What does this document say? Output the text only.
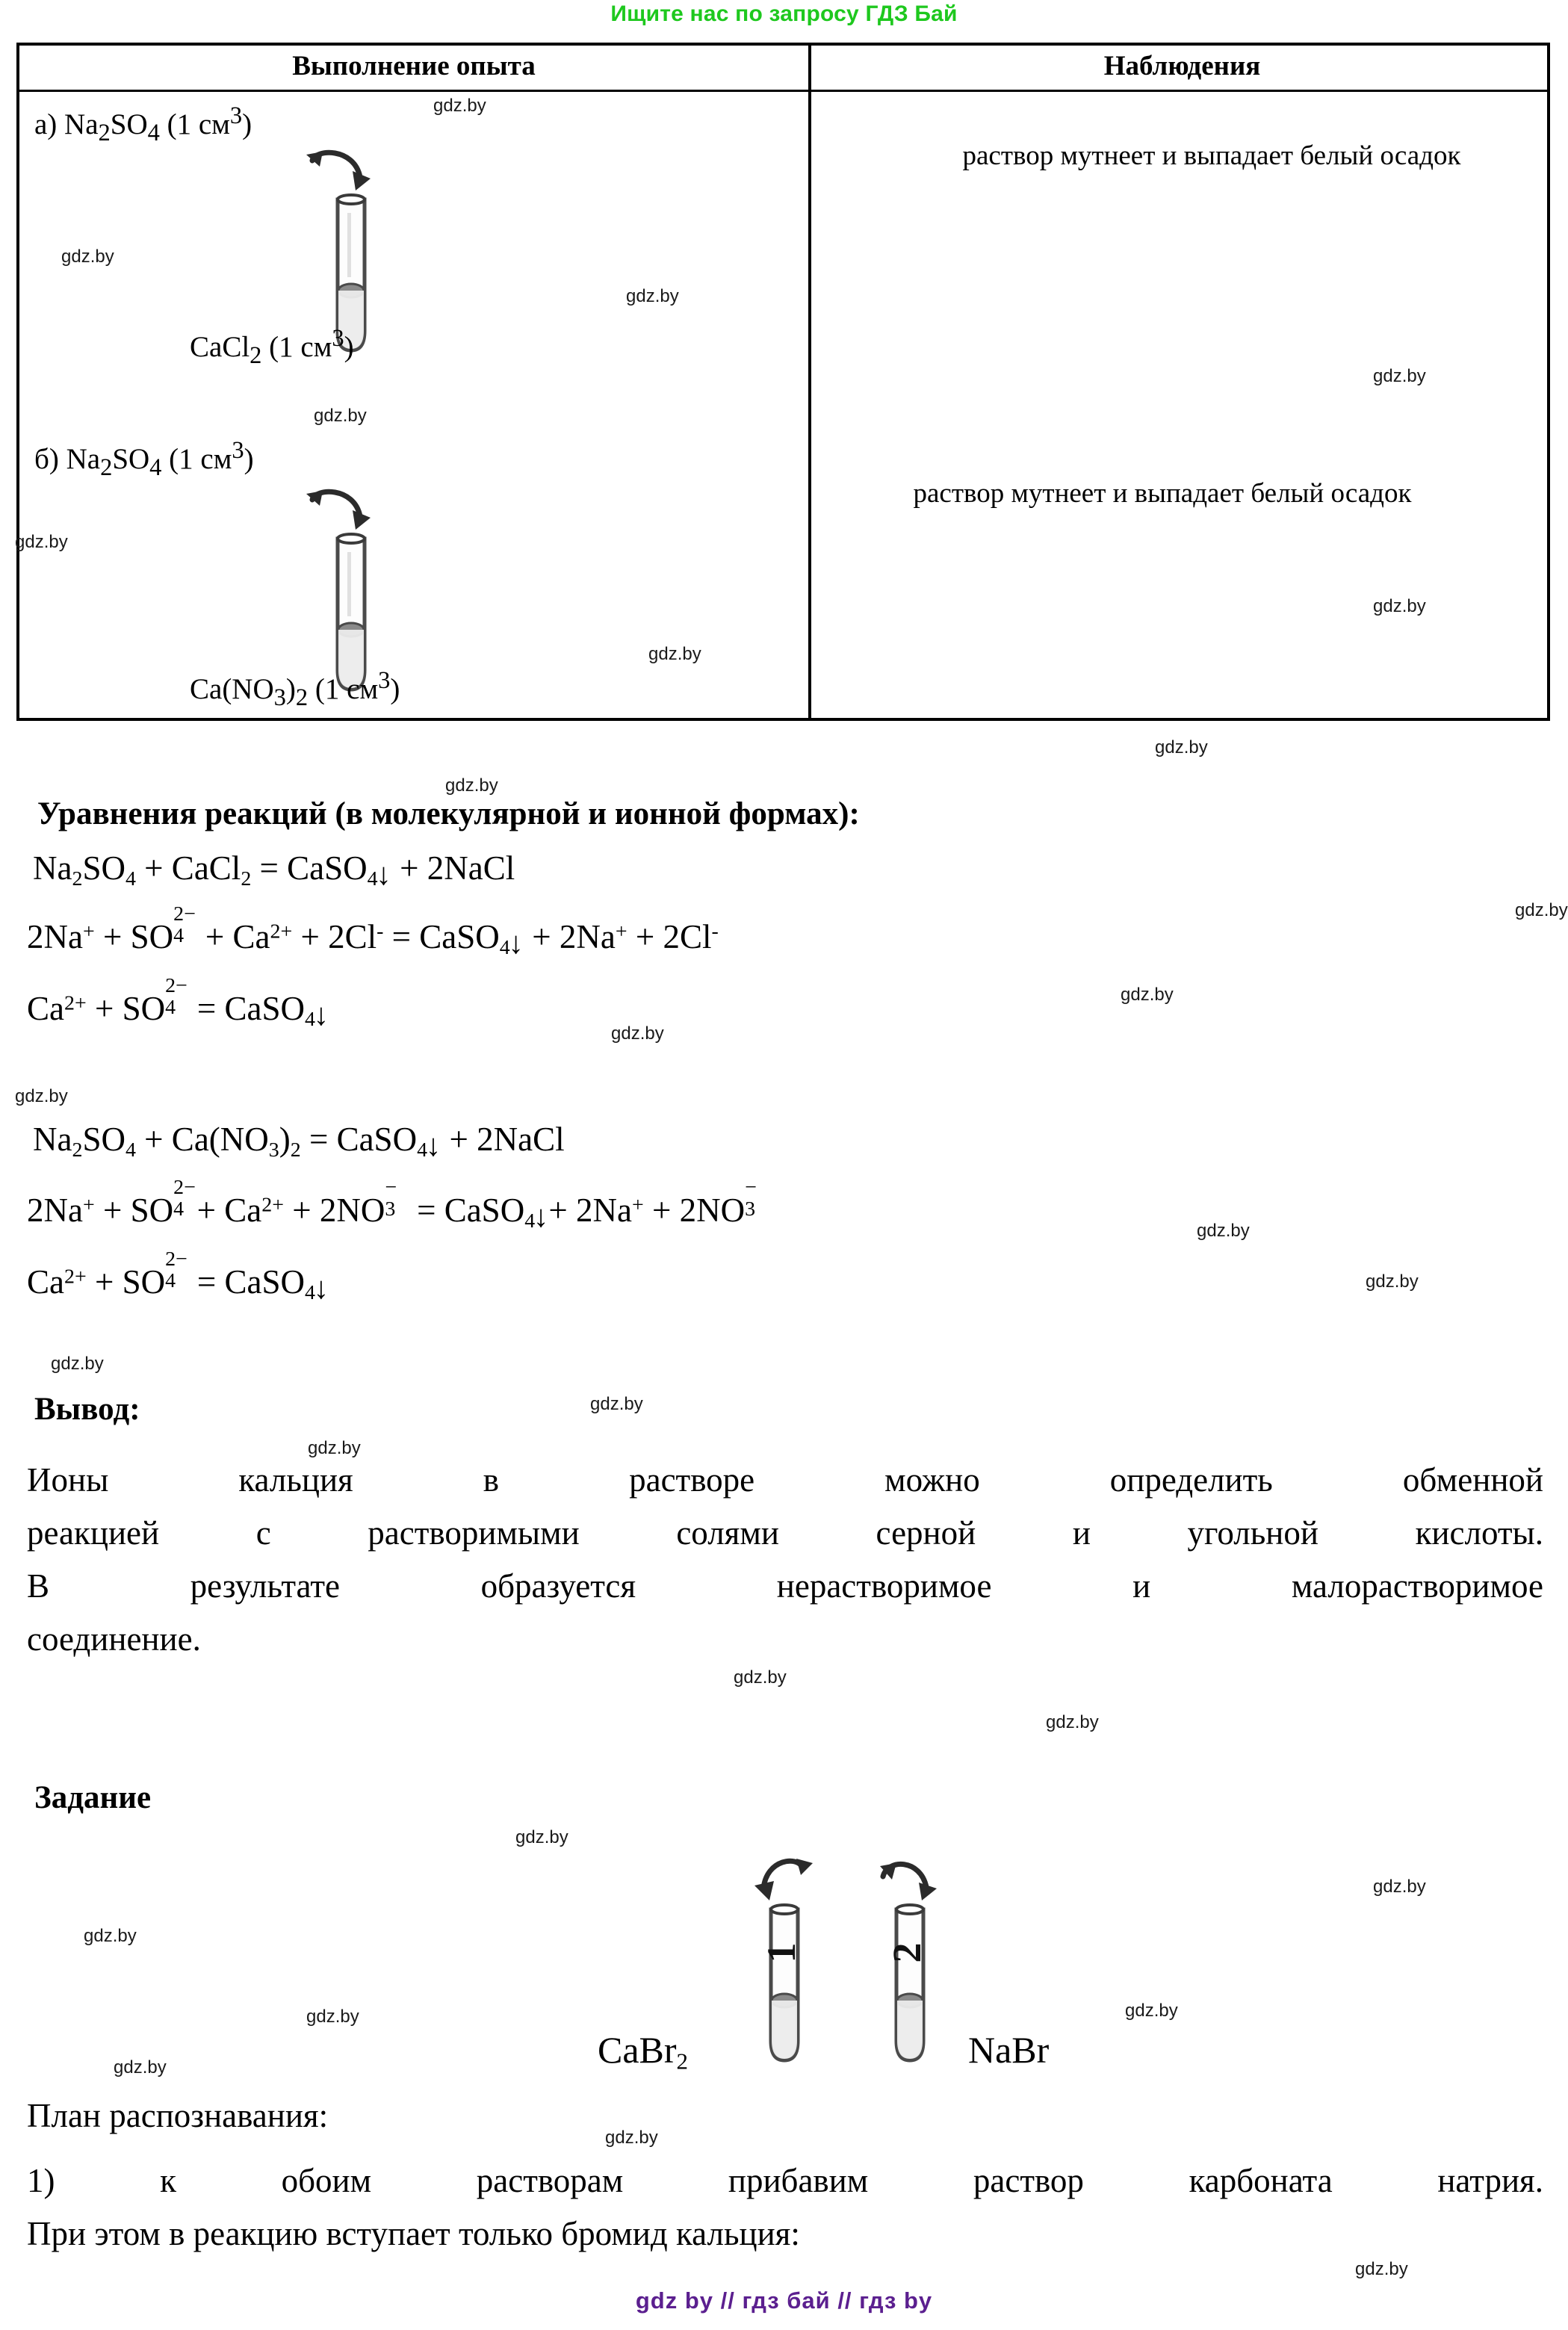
Ищите нас по запросу ГДЗ Бай
Выполнение опыта	Наблюдения
а) $Na_2SO_4$ (1 $см^3$)
CaCl$_2$ (1 $см^3$)
раствор мутнеет и выпадает белый осадок
б) $Na_2SO_4$ (1 $см^3$)
$Ca(NO_3)_2$ (1 $см^3$)
раствор мутнеет и выпадает белый осадок
Уравнения реакций (в молекулярной и ионной формах):
$Na_2SO_4$ + CaCl$_2$ = CaSO$_4$↓ + 2NaCl
2Na+ + SO
2−
$4 + Ca^{2+} + 2Cl^-$ = CaSO$_4$↓ + 2Na+ + 2Cl-
$Ca^{2+}$ + SO
2−
4 = CaSO$_4$↓
$Na_2SO_4 + Ca(NO_3)_2$ = CaSO$_4$↓ + 2NaCl
2Na+ + SO
2−
$4 + Ca^{2+} + 2NO$
−
3 = CaSO$_4$↓+ 2Na+ + 2NO
−
3
$Ca^{2+}$ + SO
2−
4 = CaSO$_4$↓
Вывод:
Ионы кальция в растворе можно определить обменной
реакцией с растворимыми солями серной и угольной кислоты.
В результате образуется нерастворимое и малорастворимое
соединение.
Задание
1 2
CaBr$_2$	NaBr
План распознавания:
1) к обоим растворам прибавим раствор карбоната натрия.
При этом в реакцию вступает только бромид кальция:
gdz by // гдз бай // гдз by
gdz.by
gdz.by
gdz.by
gdz.by
gdz.by
gdz.by
gdz.by
gdz.by
gdz.by
gdz.by
gdz.by
gdz.by
gdz.by
gdz.by
gdz.by
gdz.by
gdz.by
gdz.by
gdz.by
gdz.by
gdz.by
gdz.by
gdz.by
gdz.by
gdz.by
gdz.by
gdz.by
gdz.by
gdz.by
